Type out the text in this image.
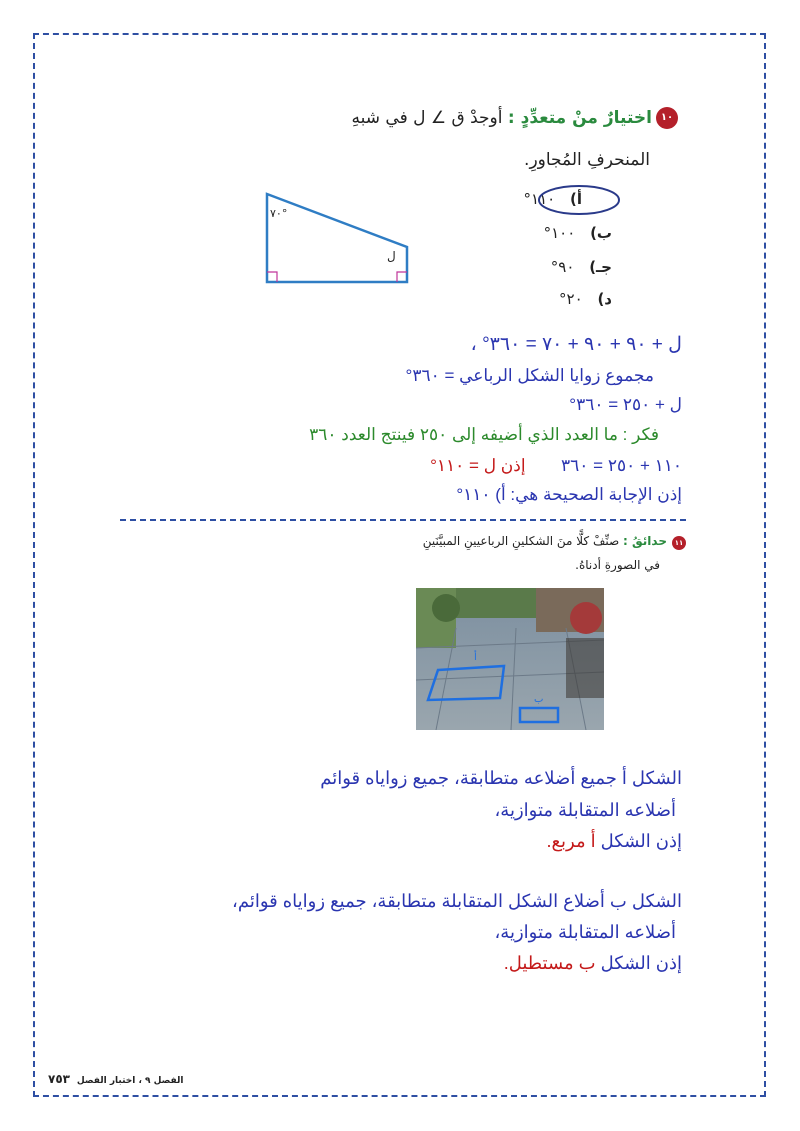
١٠
اختيارٌ منْ متعدِّدٍ : أوجدْ ق ∠ ل في شبهِ
المنحرفِ المُجاورِ.
٧٠°
ل
أ) ١١٠°
ب) ١٠٠°
جـ) ٩٠°
د) ٢٠°
ل + ٩٠ + ٩٠ + ٧٠ = ٣٦٠° ،
مجموع زوايا الشكل الرباعي = ٣٦٠°
ل + ٢٥٠ = ٣٦٠°
فكر : ما العدد الذي أضيفه إلى ٢٥٠ فينتج العدد ٣٦٠
١١٠ + ٢٥٠ = ٣٦٠  إذن ل = ١١٠°
إذن الإجابة الصحيحة هي: أ) ١١٠°
١١
حدائقُ : صنِّفْ كلًّا منَ الشكلينِ الرباعيينِ المبيَّنَينِ
في الصورةِ أدناهُ.
أ
ب
الشكل أ جميع أضلاعه متطابقة، جميع زواياه قوائم
أضلاعه المتقابلة متوازية،
إذن الشكل أ مربع.
الشكل ب أضلاع الشكل المتقابلة متطابقة، جميع زواياه قوائم،
أضلاعه المتقابلة متوازية،
إذن الشكل ب مستطيل.
الفصل ٩ ، اختبار الفصل ٧٥٣
